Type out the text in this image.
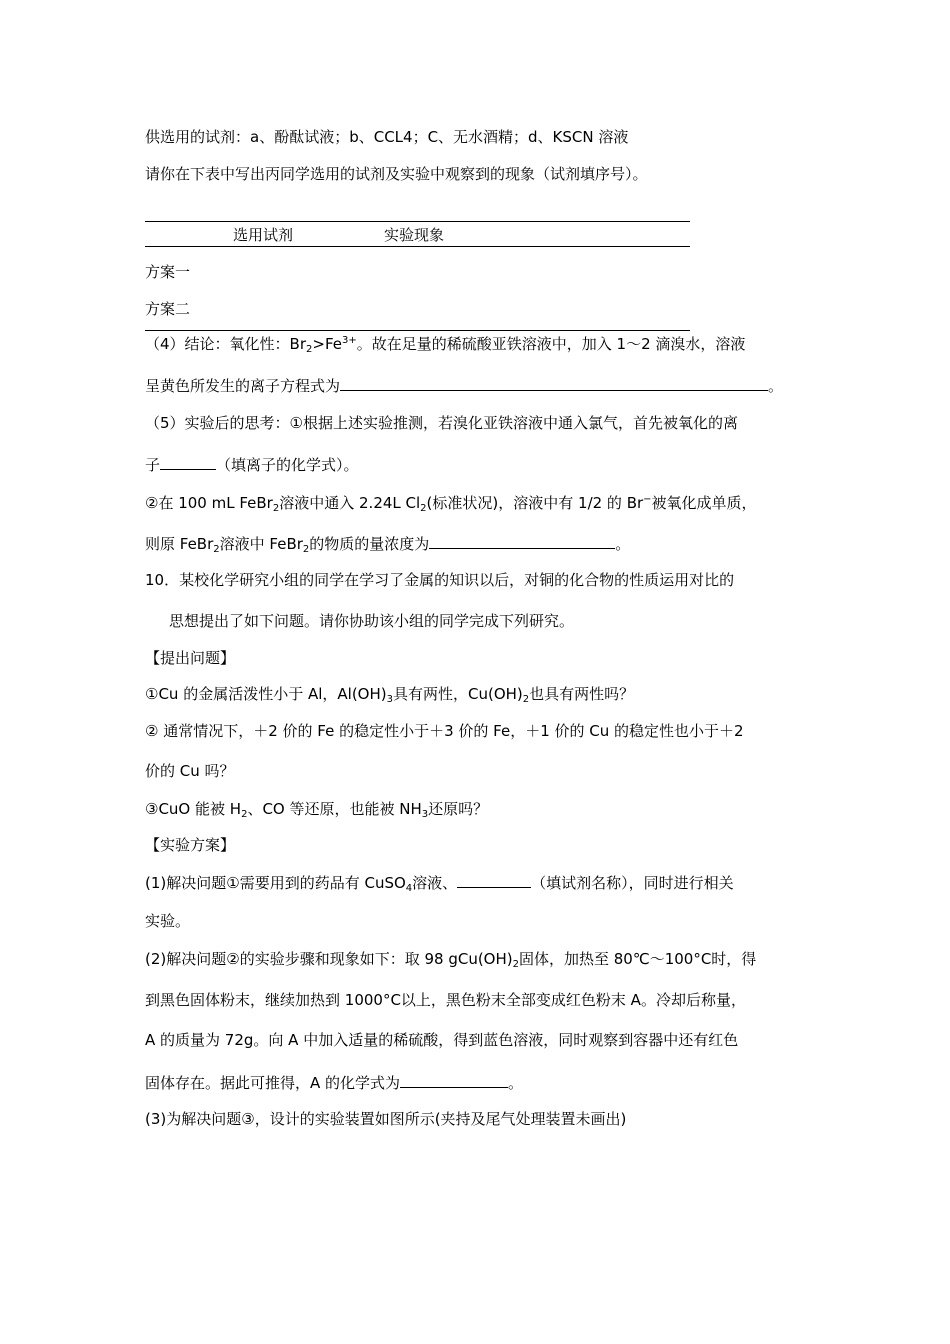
供选用的试剂：a、酚酞试液；b、CCL4；C、无水酒精；d、KSCN 溶液
请你在下表中写出丙同学选用的试剂及实验中观察到的现象（试剂填序号）。
选用试剂	实验现象
方案一
方案二
（4）结论：氧化性：$Br_2>Fe^{3+}$。故在足量的稀硫酸亚铁溶液中，加入 1～2 滴溴水，溶液
呈黄色所发生的离子方程式为	。
（5）实验后的思考：①根据上述实验推测，若溴化亚铁溶液中通入氯气，首先被氧化的离
子	（填离子的化学式）。
②在 100 mL FeBr$_2$溶液中通入 2.24L $Cl_2$(标准状况)，溶液中有 1/2 的 Br−被氧化成单质，
则原 FeBr$_2$溶液中 FeBr$_2$的物质的量浓度为	。
10．某校化学研究小组的同学在学习了金属的知识以后，对铜的化合物的性质运用对比的
思想提出了如下问题。请你协助该小组的同学完成下列研究。
【提出问题】
①Cu 的金属活泼性小于 Al，$Al(OH)_3$具有两性，$Cu(OH)_2$也具有两性吗？
② 通常情况下，＋2 价的 Fe 的稳定性小于＋3 价的 Fe，＋1 价的 Cu 的稳定性也小于＋2
价的 Cu 吗？
③CuO 能被 $H_2$、CO 等还原，也能被 $NH_3$还原吗？
【实验方案】
(1)解决问题①需要用到的药品有 CuSO$_4$溶液、	（填试剂名称），同时进行相关
实验。
(2)解决问题②的实验步骤和现象如下：取 98 $gCu(OH)_2$固体，加热至 80℃～100°C时，得
到黑色固体粉末，继续加热到 1000°C以上，黑色粉末全部变成红色粉末 A。冷却后称量，
A 的质量为 72g。向 A 中加入适量的稀硫酸，得到蓝色溶液，同时观察到容器中还有红色
固体存在。据此可推得，A 的化学式为	。
(3)为解决问题③，设计的实验装置如图所示(夹持及尾气处理装置未画出)
